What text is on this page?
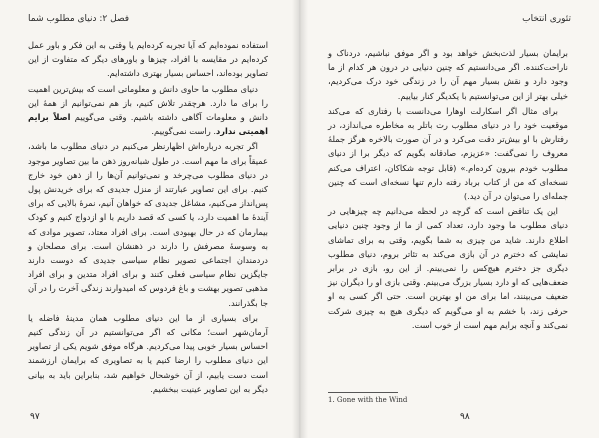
فصل ۲: دنیای مطلوب شما

استفاده نموده‌ایم که آیا تجربه کرده‌ایم یا وقتی به این فکر و باور عمل کرده‌ایم در مقایسه با افراد، چیزها و باورهای دیگر که متفاوت از این تصاویر بوده‌اند، احساس بسیار بهتری داشته‌ایم.

دنیای مطلوب ما حاوی دانش و معلوماتی است که بیش‌ترین اهمیت را برای ما دارد. هرچقدر تلاش کنیم، باز هم نمی‌توانیم از همهٔ این دانش و معلومات آگاهی داشته باشیم. وقتی می‌گوییم اصلاً برایم اهمیتی ندارد. راست نمی‌گوییم.

اگر تجربه درباره‌اش اظهارنظر می‌کنیم در دنیای مطلوب ما باشد، عمیقاً برای ما مهم است. در طول شبانه‌روز ذهن ما بین تصاویر موجود در دنیای مطلوب می‌چرخد و نمی‌توانیم آن‌ها را از ذهن خود خارج کنیم. برای این تصاویر عبارتند از منزل جدیدی که برای خریدنش پول پس‌انداز می‌کنیم، مشاغل جدیدی که خواهان آنیم، نمرهٔ بالایی که برای آیندهٔ ما اهمیت دارد، یا کسی که قصد داریم با او ازدواج کنیم و کودک بیمارمان که در حال بهبودی است. برای افراد معتاد، تصویر موادی که به وسوسهٔ مصرفش را دارند در ذهنشان است. برای مصلحان و دردمندان اجتماعی تصویر نظام سیاسی جدیدی که دوست دارند جایگزین نظام سیاسی فعلی کنند و برای افراد متدین و برای افراد مذهبی تصویر بهشت و باغ فردوس که امیدوارند زندگی آخرت را در آن جا بگذرانند.

برای بسیاری از ما این دنیای مطلوب همان مدینهٔ فاضله یا آرمان‌شهر است؛ مکانی که اگر می‌توانستیم در آن زندگی کنیم احساس بسیار خوبی پیدا می‌کردیم. هرگاه موفق شویم یکی از تصاویر این دنیای مطلوب را ارضا کنیم یا به تصاویری که برایمان ارزشمند است دست یابیم، از آن خوشحال خواهیم شد، بنابراین باید به بیانی دیگر به این تصاویر عینیت ببخشیم.

۹۷
تئوری انتخاب

برایمان بسیار لذت‌بخش خواهد بود و اگر موفق نباشیم، دردناک و ناراحت‌کننده. اگر می‌دانستیم که چنین دنیایی در درون هر کدام از ما وجود دارد و نقش بسیار مهم آن را در زندگی خود درک می‌کردیم، خیلی بهتر از این می‌توانستیم با یکدیگر کنار بیاییم.

برای مثال اگر اسکارلت اوهارا می‌دانست با رفتاری که می‌کند موقعیت خود را در دنیای مطلوب رت باتلر به مخاطره می‌اندازد، در رفتارش با او بیش‌تر دقت می‌کرد و در آن صورت بالاخره هرگز جملهٔ معروف را نمی‌گفت: «عزیزم، صادقانه بگویم که دیگر برا از دنیای مطلوب خودم بیرون کرده‌ام.» (قابل توجه شکاکان، اعتراف می‌کنم نسخه‌ای که من از کتاب برباد رفته دارم تنها نسخه‌ای است که چنین جمله‌ای را می‌توان در آن دید.)

این یک تناقض است که گرچه در لحظه می‌دانیم چه چیزهایی در دنیای مطلوب ما وجود دارد، تعداد کمی از ما از وجود چنین دنیایی اطلاع دارند. شاید من چیزی به شما بگویم، وقتی به برای تماشای نمایشی که دخترم در آن بازی می‌کند به تئاتر بروم، دنیای مطلوب دیگری جز دخترم هیچ‌کس را نمی‌بینم. از این رو، بازی در برابر ضعف‌هایی که او دارد بسیار بزرگ می‌بینم. وقتی بازی او را دیگران نیز ضعیف می‌بینند، اما برای من او بهترین است. حتی اگر کسی به او حرفی زند، با خشم به او می‌گویم که دیگری هیچ به چیزی شرکت نمی‌کند و آنچه برایم مهم است از خوب است.

1. Gone with the Wind
۹۸
